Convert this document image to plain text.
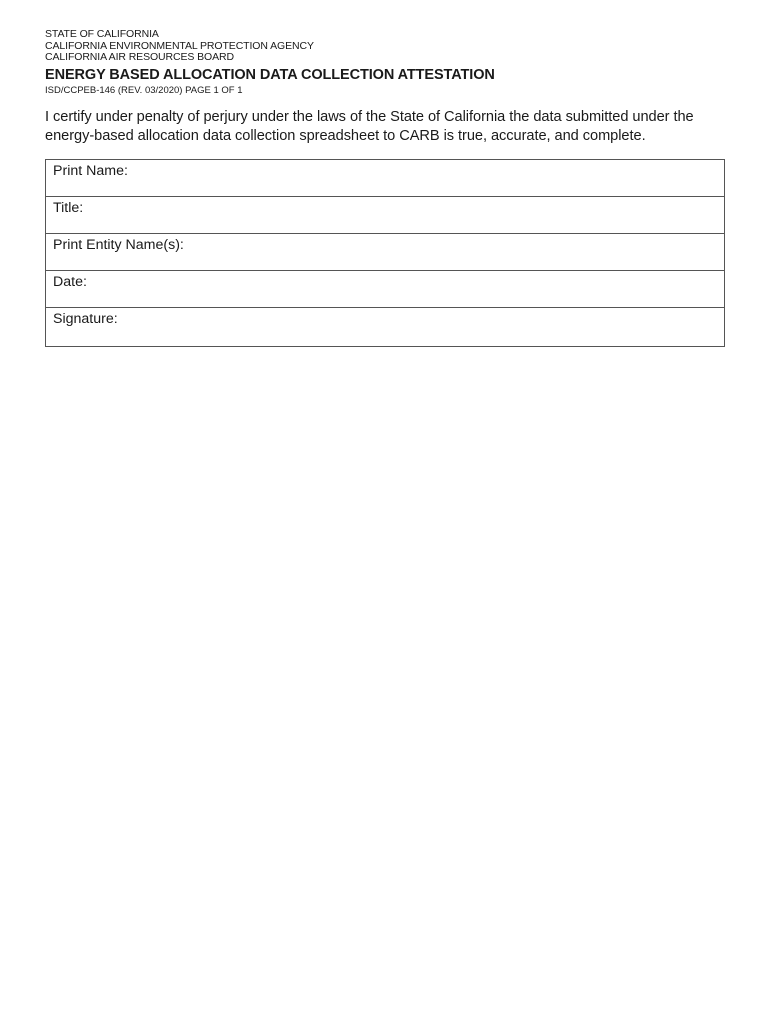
STATE OF CALIFORNIA
CALIFORNIA ENVIRONMENTAL PROTECTION AGENCY
CALIFORNIA AIR RESOURCES BOARD
ENERGY BASED ALLOCATION DATA COLLECTION ATTESTATION
ISD/CCPEB-146 (REV. 03/2020) PAGE 1 OF 1
I certify under penalty of perjury under the laws of the State of California the data submitted under the
energy-based allocation data collection spreadsheet to CARB is true, accurate, and complete.
Print Name:
Title:
Print Entity Name(s):
Date:
Signature:
